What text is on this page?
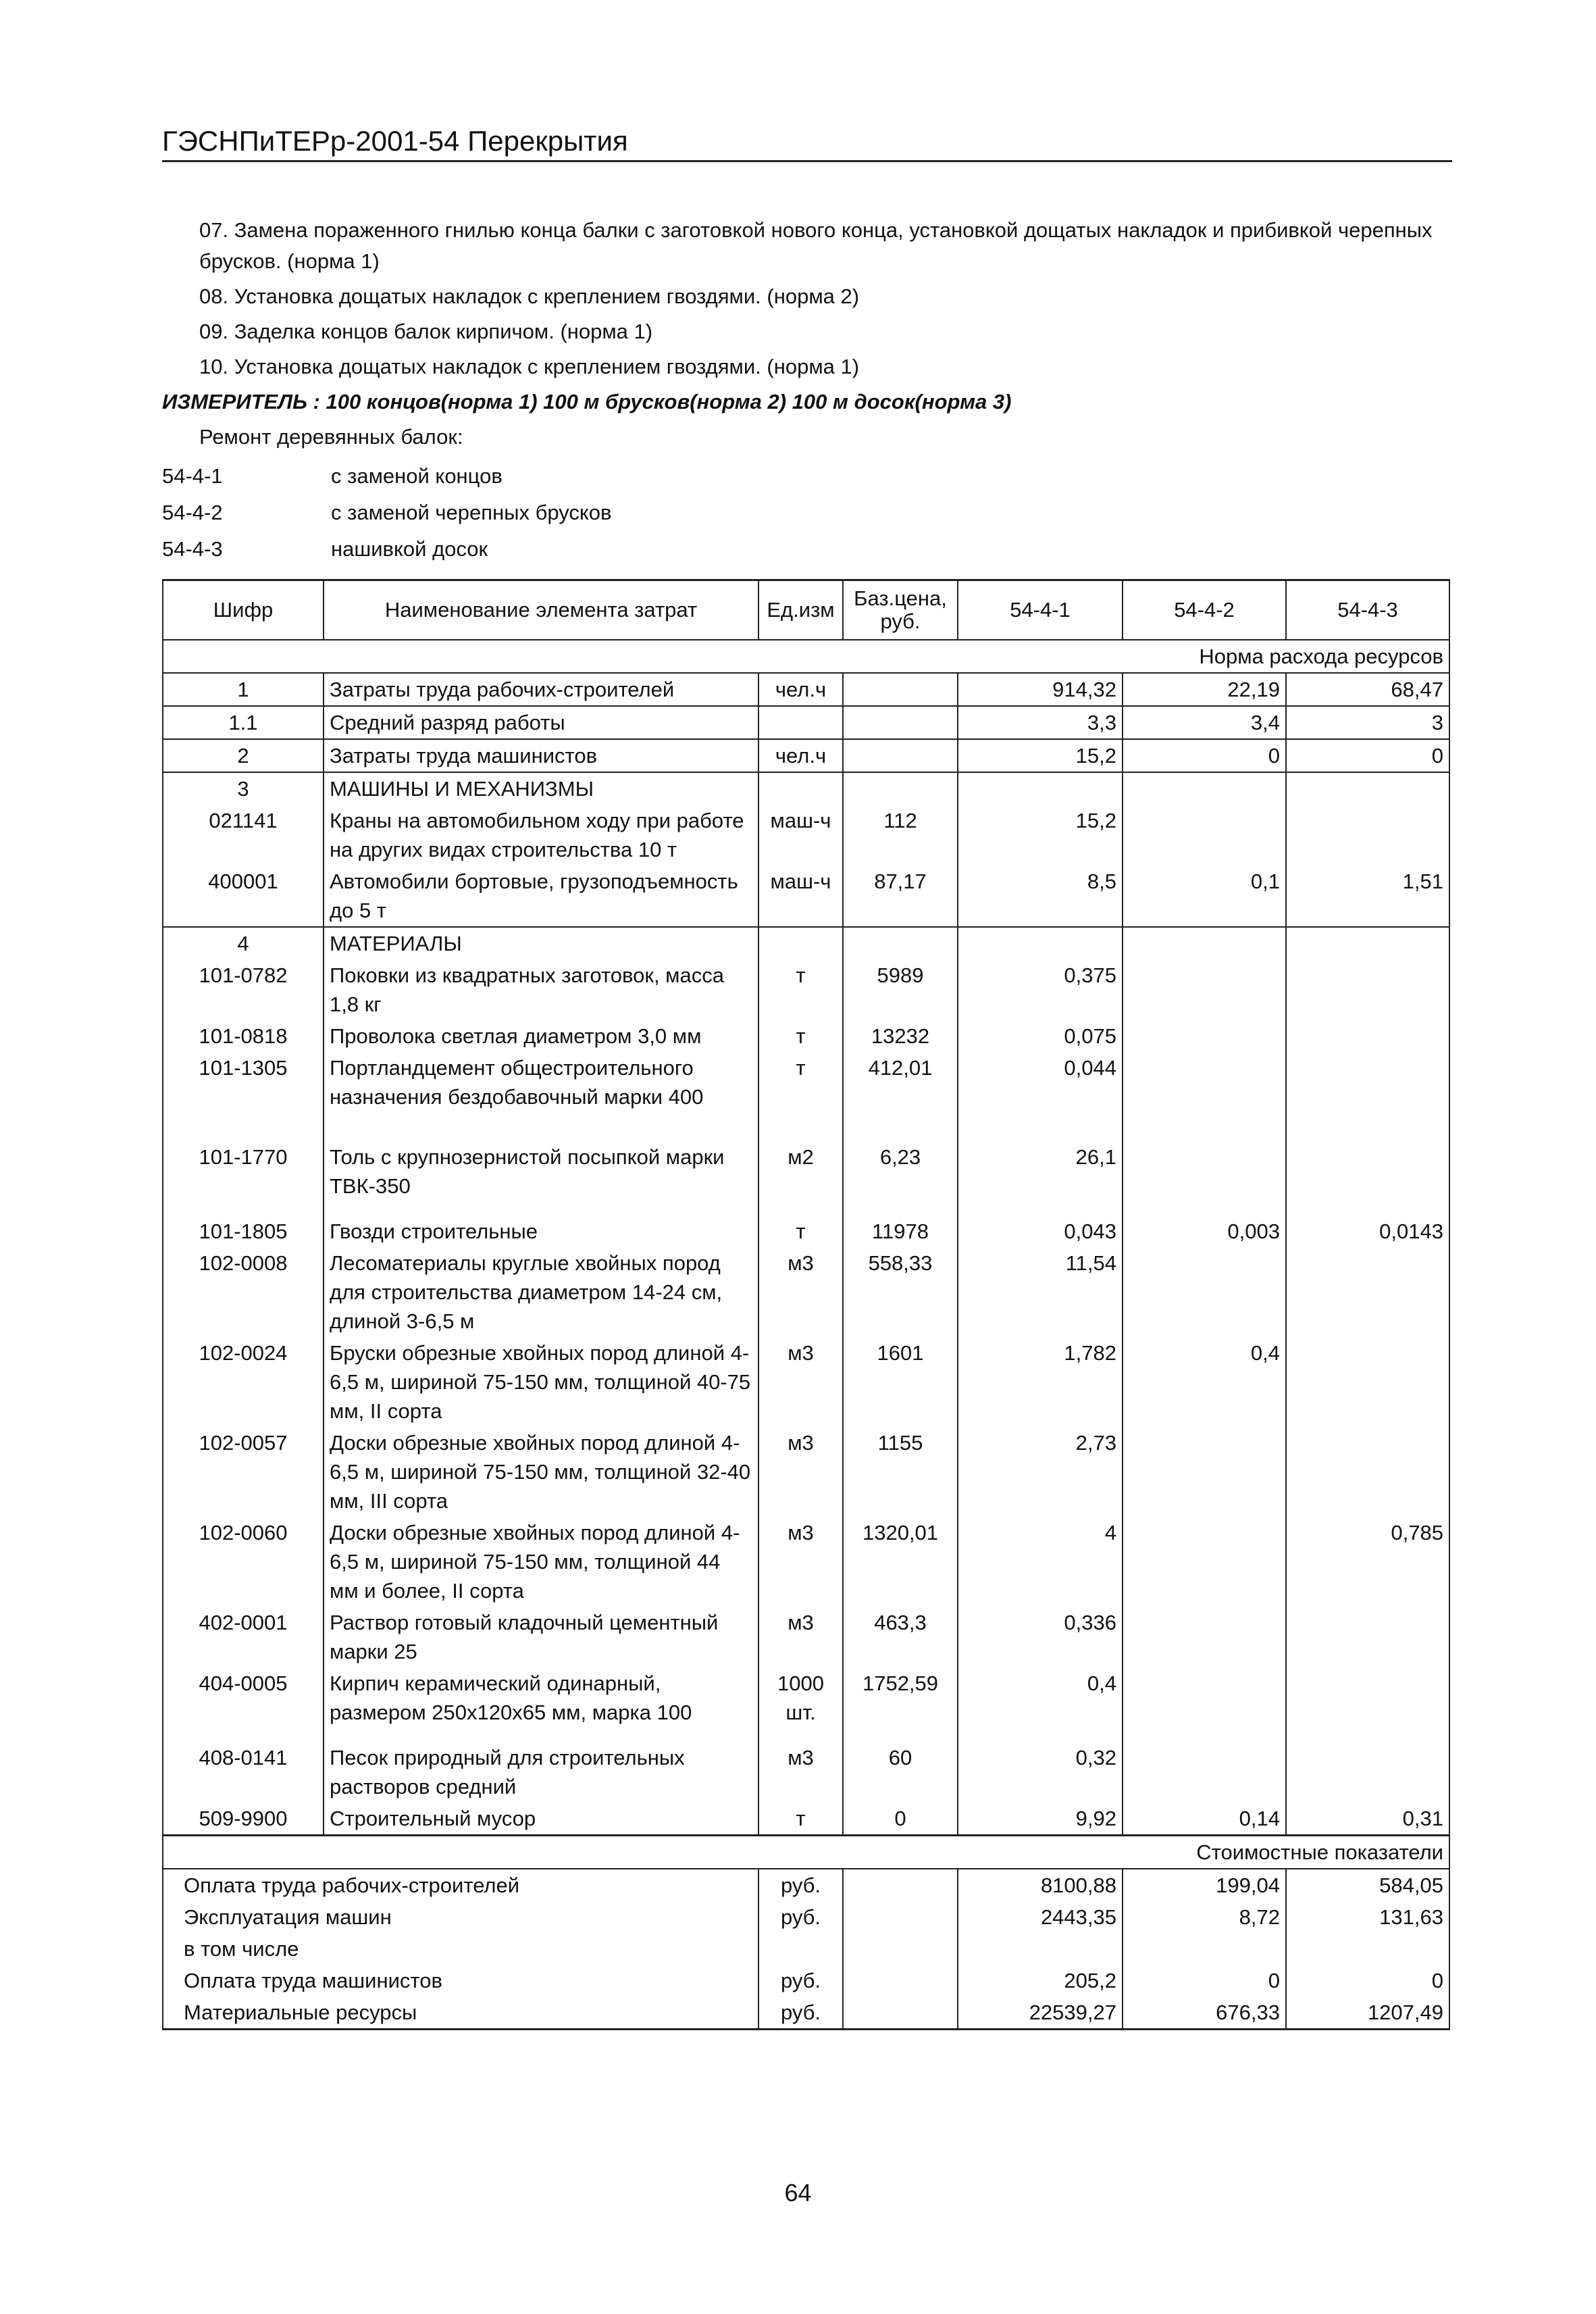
ГЭСНПиТЕРр-2001-54 Перекрытия

07. Замена пораженного гнилью конца балки с заготовкой нового конца, установкой дощатых накладок и прибивкой черепных брусков. (норма 1)

08. Установка дощатых накладок с креплением гвоздями. (норма 2)

09. Заделка концов балок кирпичом. (норма 1)

10. Установка дощатых накладок с креплением гвоздями. (норма 1)

ИЗМЕРИТЕЛЬ : 100 концов(норма 1) 100 м брусков(норма 2) 100 м досок(норма 3)

Ремонт деревянных балок:

54-4-1	с заменой концов
54-4-2	с заменой черепных брусков
54-4-3	нашивкой досок
Шифр	Наименование элемента затрат	Ед.изм	Баз.цена, руб.	54-4-1	54-4-2	54-4-3
Норма расхода ресурсов						
1	Затраты труда рабочих-строителей	чел.ч		914,32	22,19	68,47
1.1	Средний разряд работы			3,3	3,4	3
2	Затраты труда машинистов	чел.ч		15,2	0	0
3	МАШИНЫ И МЕХАНИЗМЫ					
021141	Краны на автомобильном ходу при работе на других видах строительства 10 т	маш-ч	112	15,2		
400001	Автомобили бортовые, грузоподъемность до 5 т	маш-ч	87,17	8,5	0,1	1,51
4	МАТЕРИАЛЫ					
101-0782	Поковки из квадратных заготовок, масса 1,8 кг	т	5989	0,375		
101-0818	Проволока светлая диаметром 3,0 мм	т	13232	0,075		
101-1305	Портландцемент общестроительного назначения бездобавочный марки 400	т	412,01	0,044		
101-1770	Толь с крупнозернистой посыпкой марки ТВК-350	м2	6,23	26,1		
101-1805	Гвозди строительные	т	11978	0,043	0,003	0,0143
102-0008	Лесоматериалы круглые хвойных пород для строительства диаметром 14-24 см, длиной 3-6,5 м	м3	558,33	11,54		
102-0024	Бруски обрезные хвойных пород длиной 4-6,5 м, шириной 75-150 мм, толщиной 40-75 мм, II сорта	м3	1601	1,782	0,4	
102-0057	Доски обрезные хвойных пород длиной 4-6,5 м, шириной 75-150 мм, толщиной 32-40 мм, III сорта	м3	1155	2,73		
102-0060	Доски обрезные хвойных пород длиной 4-6,5 м, шириной 75-150 мм, толщиной 44 мм и более, II сорта	м3	1320,01	4		0,785
402-0001	Раствор готовый кладочный цементный марки 25	м3	463,3	0,336		
404-0005	Кирпич керамический одинарный, размером 250х120х65 мм, марка 100	1000 шт.	1752,59	0,4		
408-0141	Песок природный для строительных растворов средний	м3	60	0,32		
509-9900	Строительный мусор	т	0	9,92	0,14	0,31
Стоимостные показатели						
Оплата труда рабочих-строителей		руб.		8100,88	199,04	584,05
Эксплуатация машин		руб.		2443,35	8,72	131,63
в том числе						
Оплата труда машинистов		руб.		205,2	0	0
Материальные ресурсы		руб.		22539,27	676,33	1207,49
64
